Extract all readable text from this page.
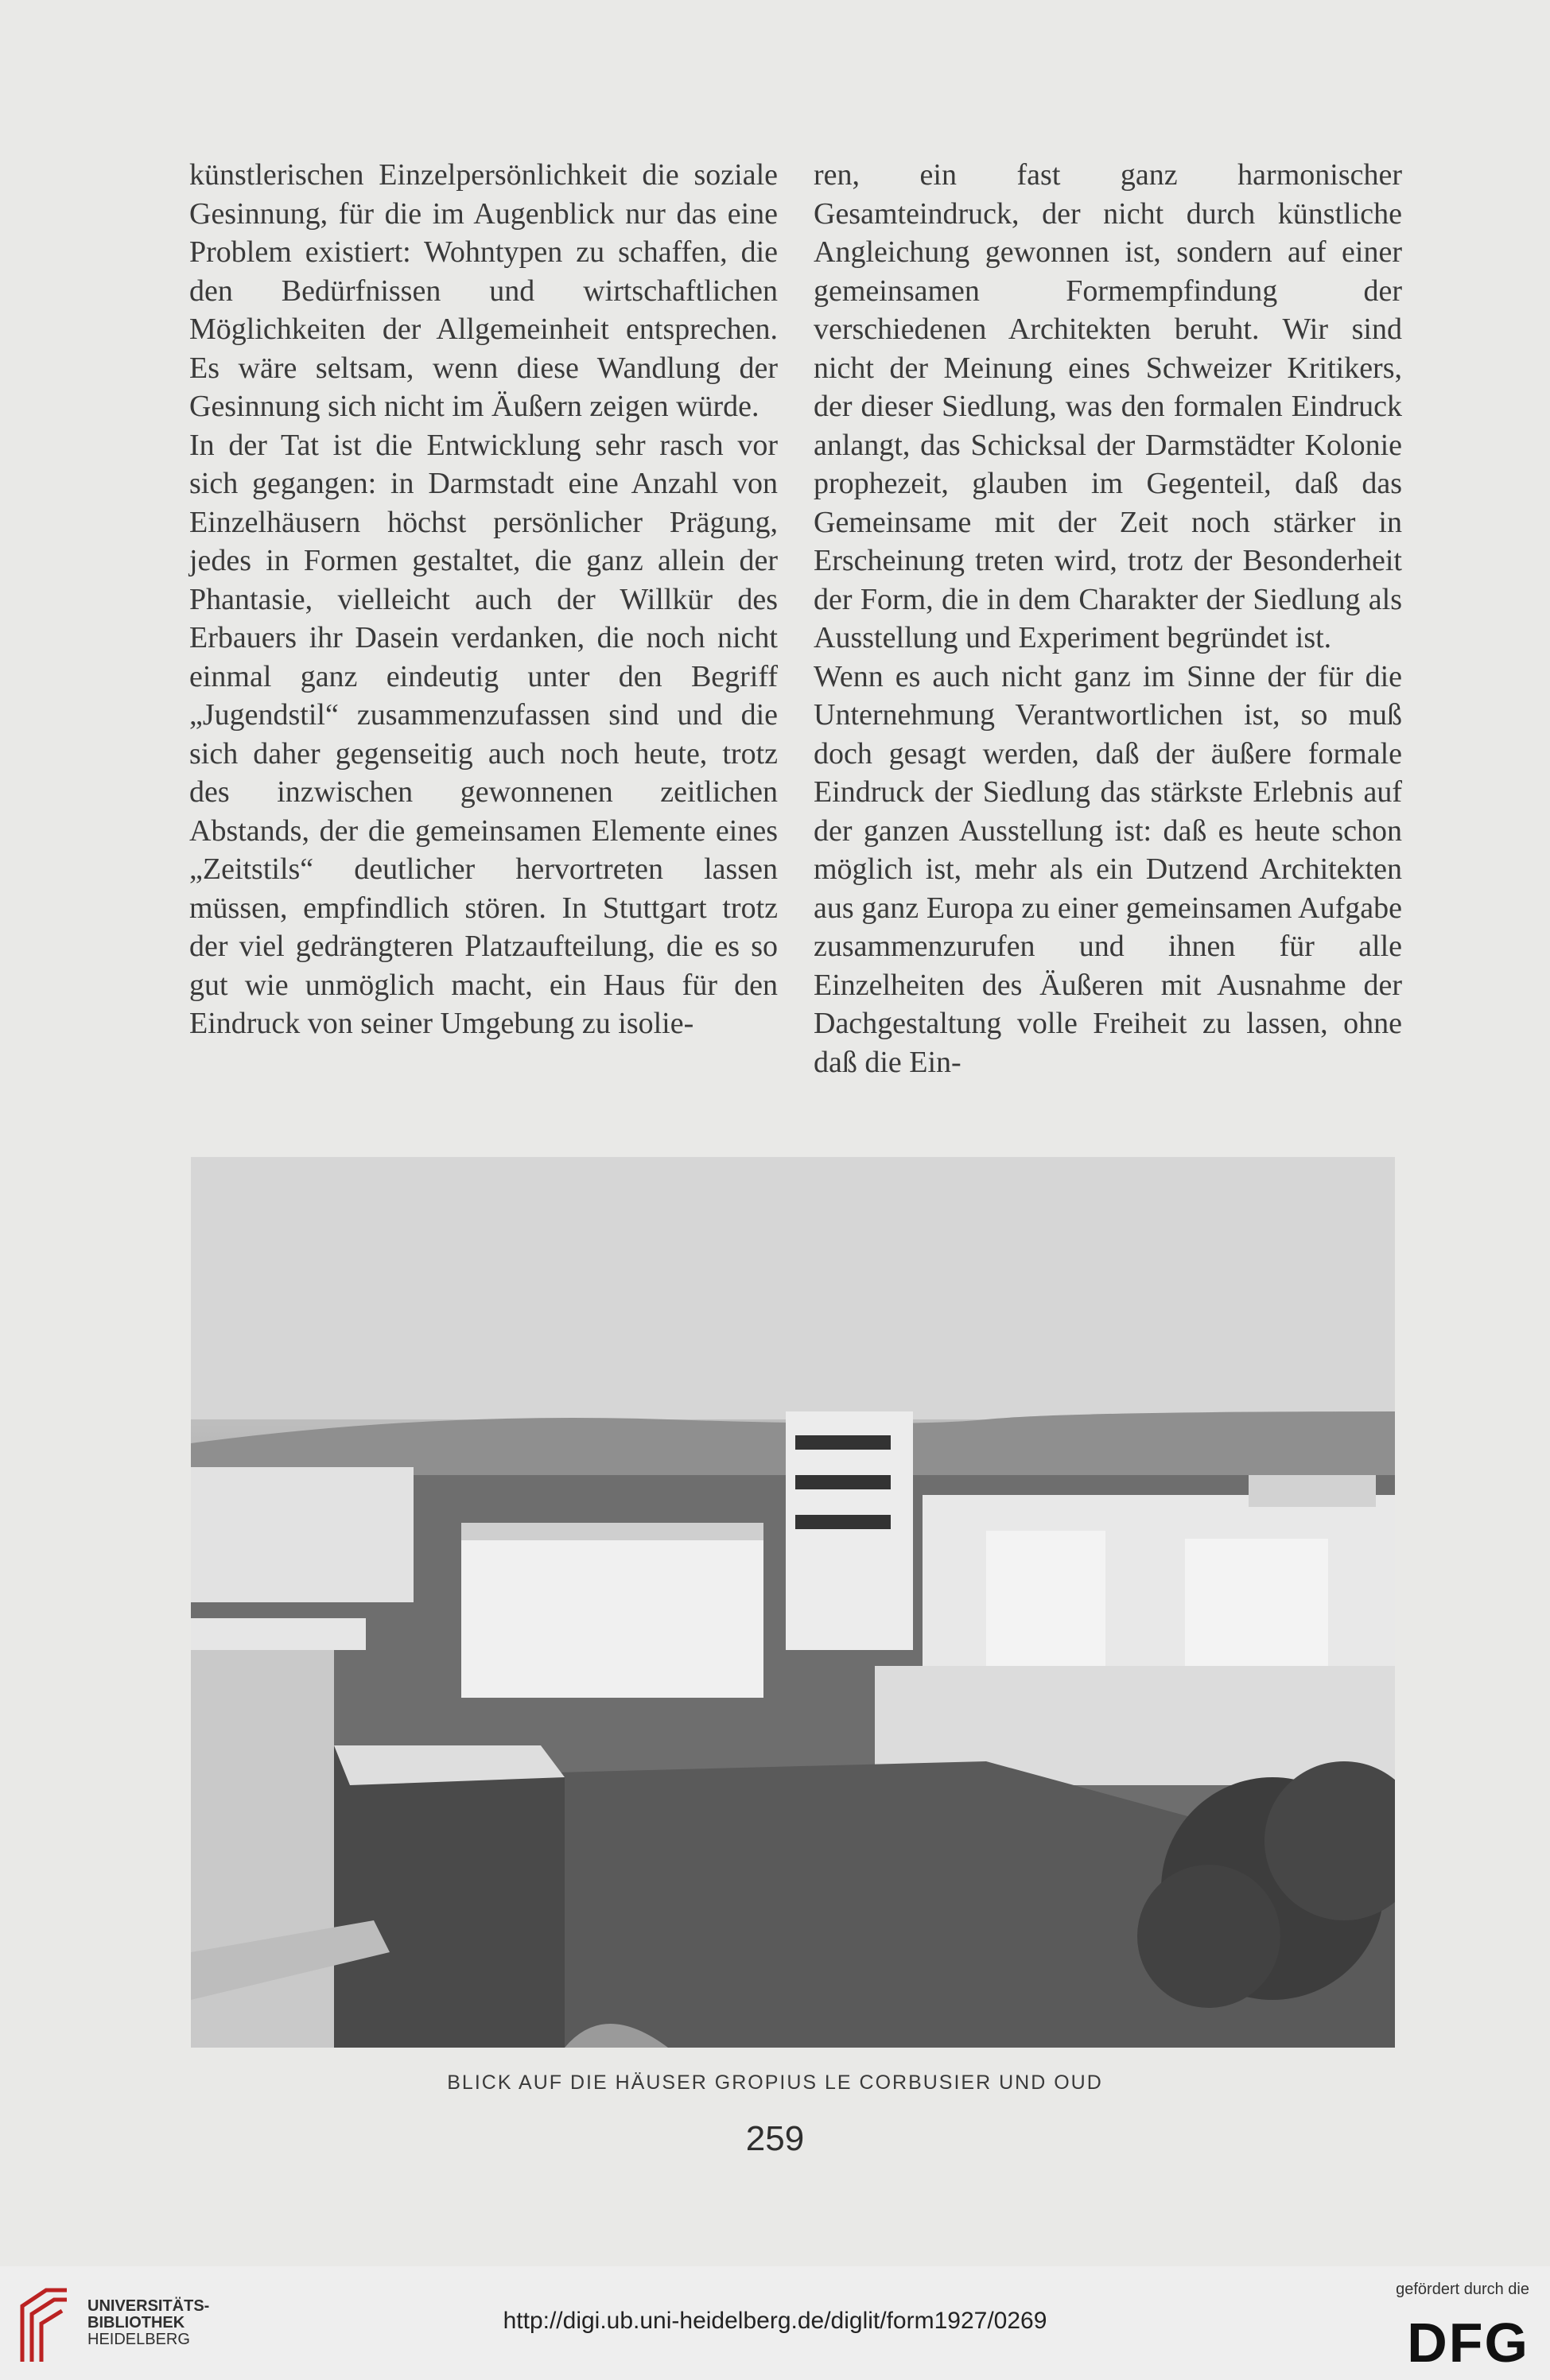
künstlerischen Einzelpersönlichkeit die soziale Gesinnung, für die im Augenblick nur das eine Problem existiert: Wohntypen zu schaffen, die den Bedürfnissen und wirtschaftlichen Möglichkeiten der Allgemeinheit entsprechen. Es wäre seltsam, wenn diese Wandlung der Gesinnung sich nicht im Äußern zeigen würde.

In der Tat ist die Entwicklung sehr rasch vor sich gegangen: in Darmstadt eine Anzahl von Einzelhäusern höchst persönlicher Prägung, jedes in Formen gestaltet, die ganz allein der Phantasie, vielleicht auch der Willkür des Erbauers ihr Dasein verdanken, die noch nicht einmal ganz eindeutig unter den Begriff „Jugendstil“ zusammenzufassen sind und die sich daher gegenseitig auch noch heute, trotz des inzwischen gewonnenen zeitlichen Abstands, der die gemeinsamen Elemente eines „Zeitstils“ deutlicher hervortreten lassen müssen, empfindlich stören. In Stuttgart trotz der viel gedrängteren Platzaufteilung, die es so gut wie unmöglich macht, ein Haus für den Eindruck von seiner Umgebung zu isolie-

ren, ein fast ganz harmonischer Gesamteindruck, der nicht durch künstliche Angleichung gewonnen ist, sondern auf einer gemeinsamen Formempfindung der verschiedenen Architekten beruht. Wir sind nicht der Meinung eines Schweizer Kritikers, der dieser Siedlung, was den formalen Eindruck anlangt, das Schicksal der Darmstädter Kolonie prophezeit, glauben im Gegenteil, daß das Gemeinsame mit der Zeit noch stärker in Erscheinung treten wird, trotz der Besonderheit der Form, die in dem Charakter der Siedlung als Ausstellung und Experiment begründet ist.

Wenn es auch nicht ganz im Sinne der für die Unternehmung Verantwortlichen ist, so muß doch gesagt werden, daß der äußere formale Eindruck der Siedlung das stärkste Erlebnis auf der ganzen Ausstellung ist: daß es heute schon möglich ist, mehr als ein Dutzend Architekten aus ganz Europa zu einer gemeinsamen Aufgabe zusammenzurufen und ihnen für alle Einzelheiten des Äußeren mit Ausnahme der Dachgestaltung volle Freiheit zu lassen, ohne daß die Ein-

BLICK AUF DIE HÄUSER GROPIUS LE CORBUSIER UND OUD
259
UNIVERSITÄTS-
BIBLIOTHEK
HEIDELBERG
http://digi.ub.uni-heidelberg.de/diglit/form1927/0269
gefördert durch die
DFG
